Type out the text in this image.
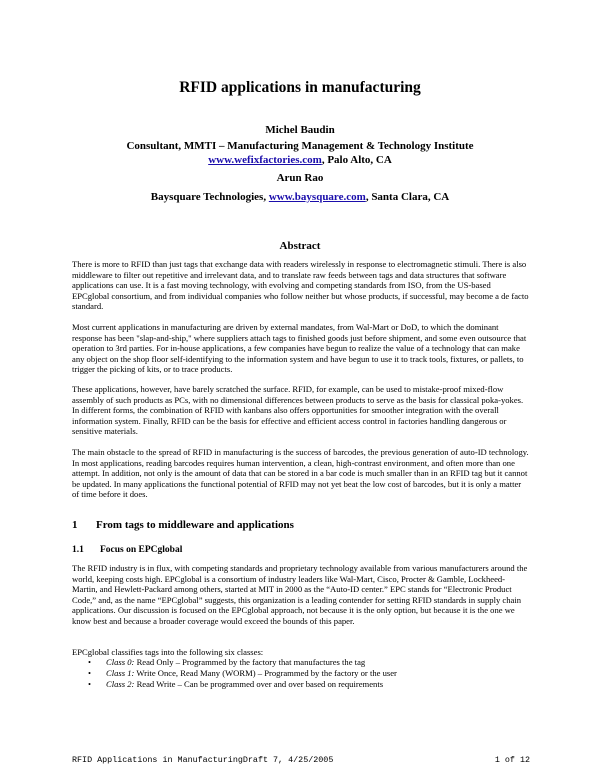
RFID applications in manufacturing
Michel Baudin
Consultant, MMTI – Manufacturing Management & Technology Institute
www.wefixfactories.com, Palo Alto, CA
Arun Rao
Baysquare Technologies, www.baysquare.com, Santa Clara, CA
Abstract
There is more to RFID than just tags that exchange data with readers wirelessly in response to electromagnetic stimuli. There is also middleware to filter out repetitive and irrelevant data, and to translate raw feeds between tags and data structures that software applications can use. It is a fast moving technology, with evolving and competing standards from ISO, from the US-based EPCglobal consortium, and from individual companies who follow neither but whose products, if successful, may become a de facto standard.
Most current applications in manufacturing are driven by external mandates, from Wal-Mart or DoD, to which the dominant response has been "slap-and-ship," where suppliers attach tags to finished goods just before shipment, and some even outsource that operation to 3rd parties. For in-house applications, a few companies have begun to realize the value of a technology that can make any object on the shop floor self-identifying to the information system and have begun to use it to track tools, fixtures, or pallets, to trigger the picking of kits, or to trace products.
These applications, however, have barely scratched the surface. RFID, for example, can be used to mistake-proof mixed-flow assembly of such products as PCs, with no dimensional differences between products to serve as the basis for classical poka-yokes. In different forms, the combination of RFID with kanbans also offers opportunities for smoother integration with the overall information system. Finally, RFID can be the basis for effective and efficient access control in factories handling dangerous or sensitive materials.
The main obstacle to the spread of RFID in manufacturing is the success of barcodes, the previous generation of auto-ID technology. In most applications, reading barcodes requires human intervention, a clean, high-contrast environment, and often more than one attempt. In addition, not only is the amount of data that can be stored in a bar code is much smaller than in an RFID tag but it cannot be updated. In many applications the functional potential of RFID may not yet beat the low cost of barcodes, but it is only a matter of time before it does.
1 From tags to middleware and applications
1.1 Focus on EPCglobal
The RFID industry is in flux, with competing standards and proprietary technology available from various manufacturers around the world, keeping costs high. EPCglobal is a consortium of industry leaders like Wal-Mart, Cisco, Procter & Gamble, Lockheed-Martin, and Hewlett-Packard among others, started at MIT in 2000 as the “Auto-ID center.” EPC stands for “Electronic Product Code,” and, as the name “EPCglobal” suggests, this organization is a leading contender for setting RFID standards in supply chain applications. Our discussion is focused on the EPCglobal approach, not because it is the only option, but because it is the one we know best and because a broader coverage would exceed the bounds of this paper.
EPCglobal classifies tags into the following six classes:
• Class 0: Read Only – Programmed by the factory that manufactures the tag
• Class 1: Write Once, Read Many (WORM) – Programmed by the factory or the user
• Class 2: Read Write – Can be programmed over and over based on requirements
RFID Applications in ManufacturingDraft 7, 4/25/2005	1 of 12
